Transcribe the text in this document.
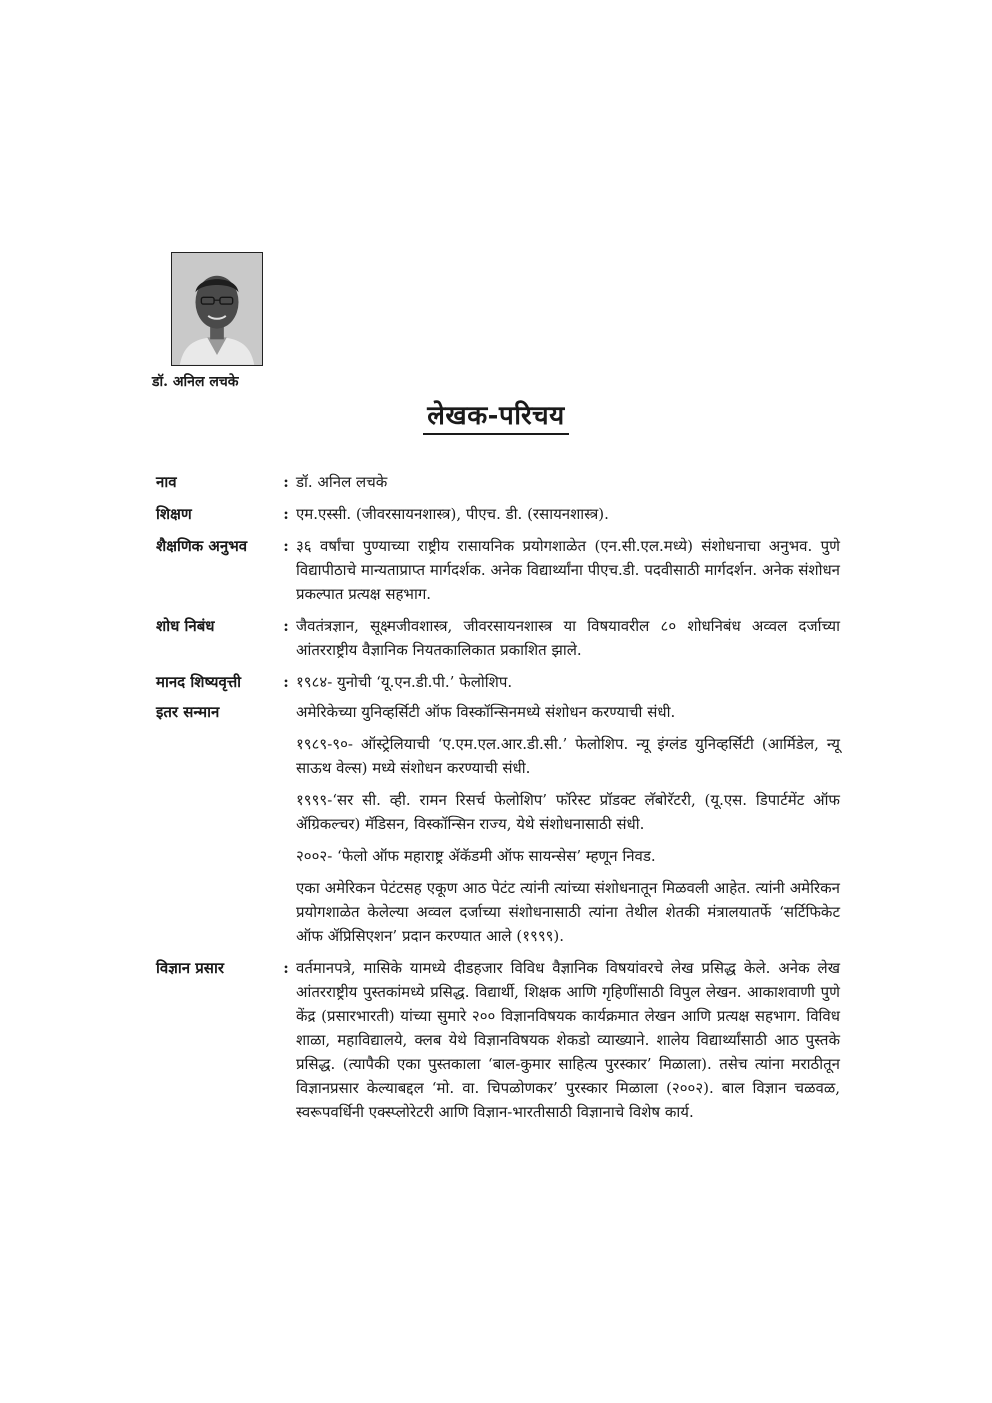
डॉ. अनिल लचके
लेखक-परिचय
नाव	: डॉ. अनिल लचके

शिक्षण	: एम.एस्सी. (जीवरसायनशास्त्र), पीएच. डी. (रसायनशास्त्र).

शैक्षणिक अनुभव	: ३६ वर्षांचा पुण्याच्या राष्ट्रीय रासायनिक प्रयोगशाळेत (एन.सी.एल.मध्ये) संशोधनाचा अनुभव. पुणे विद्यापीठाचे मान्यताप्राप्त मार्गदर्शक. अनेक विद्यार्थ्यांना पीएच.डी. पदवीसाठी मार्गदर्शन. अनेक संशोधन प्रकल्पात प्रत्यक्ष सहभाग.

शोध निबंध	: जैवतंत्रज्ञान, सूक्ष्मजीवशास्त्र, जीवरसायनशास्त्र या विषयावरील ८० शोधनिबंध अव्वल दर्जाच्या आंतरराष्ट्रीय वैज्ञानिक नियतकालिकात प्रकाशित झाले.

मानद शिष्यवृत्ती	: १९८४- युनोची ‘यू.एन.डी.पी.’ फेलोशिप.

इतर सन्मान	अमेरिकेच्या युनिव्हर्सिटी ऑफ विस्कॉन्सिनमध्ये संशोधन करण्याची संधी.

१९८९-९०- ऑस्ट्रेलियाची ‘ए.एम.एल.आर.डी.सी.’ फेलोशिप. न्यू इंग्लंड युनिव्हर्सिटी (आर्मिडेल, न्यू साऊथ वेल्स) मध्ये संशोधन करण्याची संधी.

१९९९-‘सर सी. व्ही. रामन रिसर्च फेलोशिप’ फॉरेस्ट प्रॉडक्ट लॅबोरॅटरी, (यू.एस. डिपार्टमेंट ऑफ ॲग्रिकल्चर) मॅडिसन, विस्कॉन्सिन राज्य, येथे संशोधनासाठी संधी.

२००२- ‘फेलो ऑफ महाराष्ट्र ॲकॅडमी ऑफ सायन्सेस’ म्हणून निवड.

एका अमेरिकन पेटंटसह एकूण आठ पेटंट त्यांनी त्यांच्या संशोधनातून मिळवली आहेत. त्यांनी अमेरिकन प्रयोगशाळेत केलेल्या अव्वल दर्जाच्या संशोधनासाठी त्यांना तेथील शेतकी मंत्रालयातर्फे ‘सर्टिफिकेट ऑफ ॲप्रिसिएशन’ प्रदान करण्यात आले (१९९९).

विज्ञान प्रसार	: वर्तमानपत्रे, मासिके यामध्ये दीडहजार विविध वैज्ञानिक विषयांवरचे लेख प्रसिद्ध केले. अनेक लेख आंतरराष्ट्रीय पुस्तकांमध्ये प्रसिद्ध. विद्यार्थी, शिक्षक आणि गृहिणींसाठी विपुल लेखन. आकाशवाणी पुणे केंद्र (प्रसारभारती) यांच्या सुमारे २०० विज्ञानविषयक कार्यक्रमात लेखन आणि प्रत्यक्ष सहभाग. विविध शाळा, महाविद्यालये, क्लब येथे विज्ञानविषयक शेकडो व्याख्याने. शालेय विद्यार्थ्यांसाठी आठ पुस्तके प्रसिद्ध. (त्यापैकी एका पुस्तकाला ‘बाल-कुमार साहित्य पुरस्कार’ मिळाला). तसेच त्यांना मराठीतून विज्ञानप्रसार केल्याबद्दल ‘मो. वा. चिपळोणकर’ पुरस्कार मिळाला (२००२). बाल विज्ञान चळवळ, स्वरूपवर्धिनी एक्स्प्लोरेटरी आणि विज्ञान-भारतीसाठी विज्ञानाचे विशेष कार्य.
